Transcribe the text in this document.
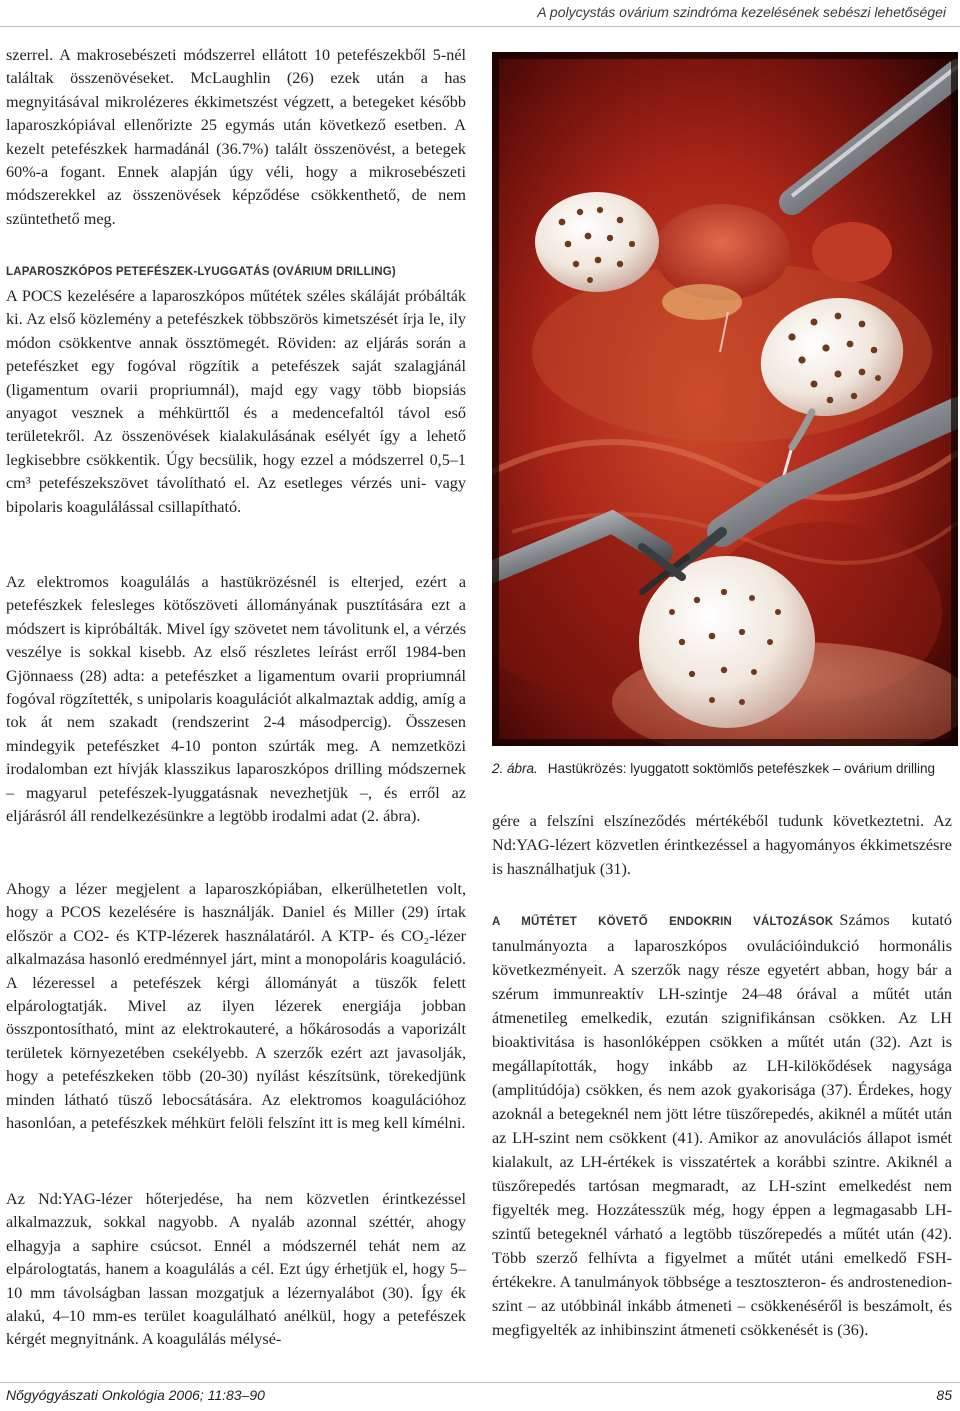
A polycystás ovárium szindróma kezelésének sebészi lehetőségei

szerrel. A makrosebészeti módszerrel ellátott 10 petefészekből 5-nél találtak összenövéseket. McLaughlin (26) ezek után a has megnyitásával mikrolézeres ékkimetszést végzett, a betegeket később laparoszkópiával ellenőrizte 25 egymás után következő esetben. A kezelt petefészkek harmadánál (36.7%) talált összenövést, a betegek 60%-a fogant. Ennek alapján úgy véli, hogy a mikrosebészeti módszerekkel az összenövések képződése csökkenthető, de nem szüntethető meg.

LAPAROSZKÓPOS PETEFÉSZEK-LYUGGATÁS (OVÁRIUM DRILLING)

A POCS kezelésére a laparoszkópos műtétek széles skáláját próbálták ki. Az első közlemény a petefészkek többszörös kimetszését írja le, ily módon csökkentve annak össztömegét. Röviden: az eljárás során a petefészket egy fogóval rögzítik a petefészek saját szalagjánál (ligamentum ovarii propriumnál), majd egy vagy több biopsiás anyagot vesznek a méhkürttől és a medencefaltól távol eső területekről. Az összenövések kialakulásának esélyét így a lehető legkisebbre csökkentik. Úgy becsülik, hogy ezzel a módszerrel 0,5–1 cm³ petefészekszövet távolítható el. Az esetleges vérzés uni- vagy bipolaris koagulálással csillapítható.

Az elektromos koagulálás a hastükrözésnél is elterjed, ezért a petefészkek felesleges kötőszöveti állományának pusztítására ezt a módszert is kipróbálták. Mivel így szövetet nem távolitunk el, a vérzés veszélye is sokkal kisebb. Az első részletes leírást erről 1984-ben Gjönnaess (28) adta: a petefészket a ligamentum ovarii propriumnál fogóval rögzítették, s unipolaris koagulációt alkalmaztak addig, amíg a tok át nem szakadt (rendszerint 2-4 másodpercig). Összesen mindegyik petefészket 4-10 ponton szúrták meg. A nemzetközi irodalomban ezt hívják klasszikus laparoszkópos drilling módszernek – magyarul petefészek-lyuggatásnak nevezhetjük –, és erről az eljárásról áll rendelkezésünkre a legtöbb irodalmi adat (2. ábra).

Ahogy a lézer megjelent a laparoszkópiában, elkerülhetetlen volt, hogy a PCOS kezelésére is használják. Daniel és Miller (29) írtak először a CO2- és KTP-lézerek használatáról. A KTP- és CO₂-lézer alkalmazása hasonló eredménnyel járt, mint a monopoláris koaguláció. A lézeressel a petefészek kérgi állományát a tüszők felett elpárologtatják. Mivel az ilyen lézerek energiája jobban összpontosítható, mint az elektrokauteré, a hőkárosodás a vaporizált területek környezetében csekélyebb. A szerzők ezért azt javasolják, hogy a petefészkeken több (20-30) nyílást készítsünk, törekedjünk minden látható tüsző lebocsátására. Az elektromos koagulációhoz hasonlóan, a petefészkek méhkürt felöli felszínt itt is meg kell kímélni.

Az Nd:YAG-lézer hőterjedése, ha nem közvetlen érintkezéssel alkalmazzuk, sokkal nagyobb. A nyaláb azonnal széttér, ahogy elhagyja a saphire csúcsot. Ennél a módszernél tehát nem az elpárologtatás, hanem a koagulálás a cél. Ezt úgy érhetjük el, hogy 5–10 mm távolságban lassan mozgatjuk a lézernyalábot (30). Így ék alakú, 4–10 mm-es terület koagulálható anélkül, hogy a petefészek kérgét megnyitnánk. A koagulálás mélysé-

2. ábra. Hastükrözés: lyuggatott soktömlős petefészkek – ovárium drilling

gére a felszíni elszíneződés mértékéből tudunk következtetni. Az Nd:YAG-lézert közvetlen érintkezéssel a hagyományos ékkimetszésre is használhatjuk (31).

A MŰTÉTET KÖVETŐ ENDOKRIN VÁLTOZÁSOK Számos kutató tanulmányozta a laparoszkópos ovulációindukció hormonális következményeit. A szerzők nagy része egyetért abban, hogy bár a szérum immunreaktív LH-szintje 24–48 órával a műtét után átmenetileg emelkedik, ezután szignifikánsan csökken. Az LH bioaktivitása is hasonlóképpen csökken a műtét után (32). Azt is megállapították, hogy inkább az LH-kilökődések nagysága (amplitúdója) csökken, és nem azok gyakorisága (37). Érdekes, hogy azoknál a betegeknél nem jött létre tüszőrepedés, akiknél a műtét után az LH-szint nem csökkent (41). Amikor az anovulációs állapot ismét kialakult, az LH-értékek is visszatértek a korábbi szintre. Akiknél a tüszőrepedés tartósan megmaradt, az LH-szint emelkedést nem figyelték meg. Hozzátesszük még, hogy éppen a legmagasabb LH-szintű betegeknél várható a legtöbb tüszőrepedés a műtét után (42). Több szerző felhívta a figyelmet a műtét utáni emelkedő FSH-értékekre. A tanulmányok többsége a tesztoszteron- és androstenedion-szint – az utóbbinál inkább átmeneti – csökkenéséről is beszámolt, és megfigyelték az inhibinszint átmeneti csökkenését is (36).

Nőgyógyászati Onkológia 2006; 11:83–90	85
